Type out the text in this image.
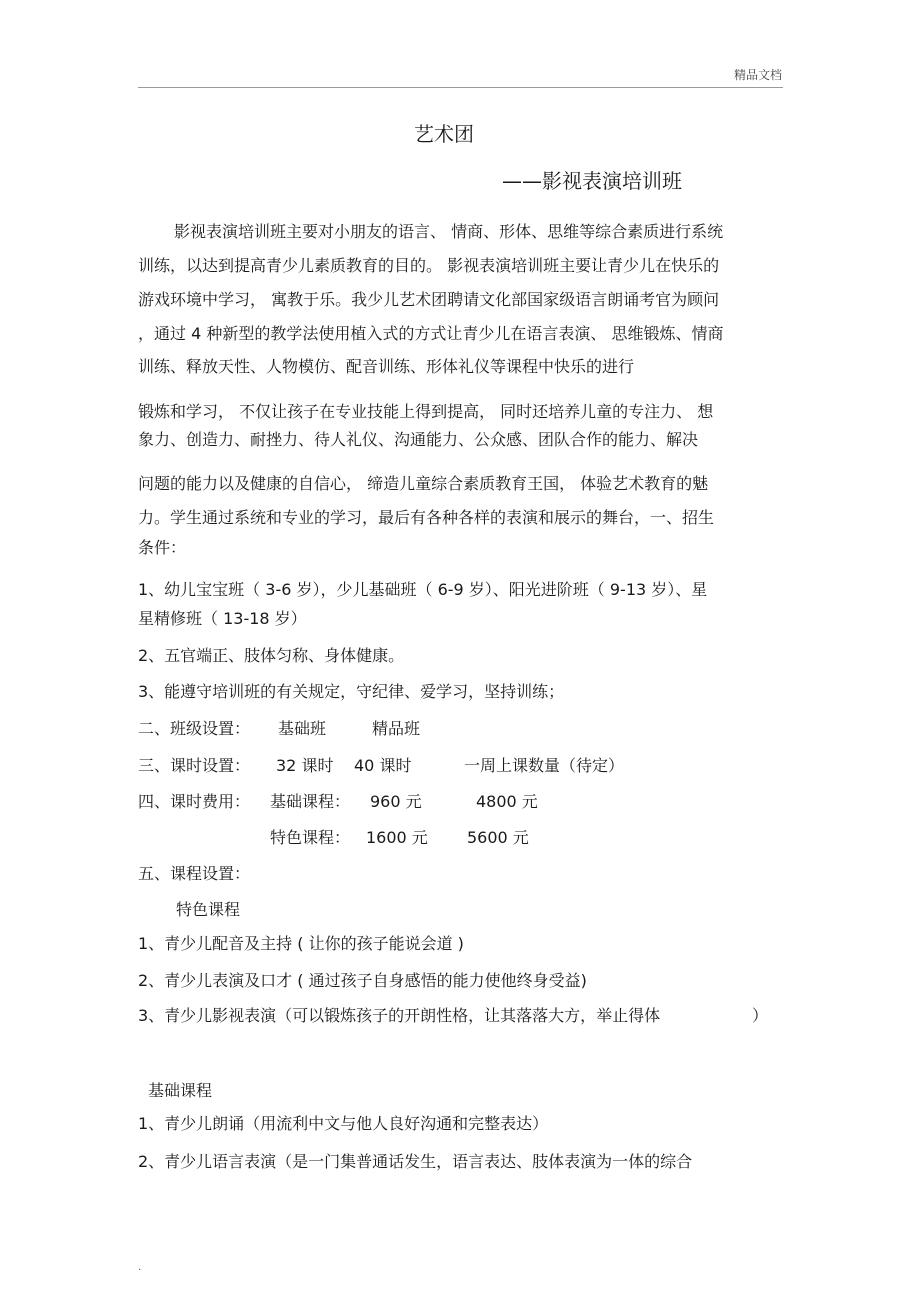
精品文档
艺术团
——影视表演培训班
影视表演培训班主要对小朋友的语言、 情商、形体、思维等综合素质进行系统
训练，以达到提高青少儿素质教育的目的。 影视表演培训班主要让青少儿在快乐的
游戏环境中学习， 寓教于乐。我少儿艺术团聘请文化部国家级语言朗诵考官为顾问
，通过 4 种新型的教学法使用植入式的方式让青少儿在语言表演、 思维锻炼、情商
训练、释放天性、人物模仿、配音训练、形体礼仪等课程中快乐的进行
锻炼和学习， 不仅让孩子在专业技能上得到提高， 同时还培养儿童的专注力、 想
象力、创造力、耐挫力、待人礼仪、沟通能力、公众感、团队合作的能力、解决
问题的能力以及健康的自信心， 缔造儿童综合素质教育王国， 体验艺术教育的魅
力。学生通过系统和专业的学习，最后有各种各样的表演和展示的舞台，一、招生
条件：
1、幼儿宝宝班（ 3-6 岁），少儿基础班（ 6-9 岁）、阳光进阶班（ 9-13 岁）、星
星精修班（ 13-18 岁）
2、五官端正、肢体匀称、身体健康。
3、能遵守培训班的有关规定，守纪律、爱学习，坚持训练；
二、班级设置： 基础班	精品班
三、课时设置： 32 课时 40 课时	一周上课数量（待定）
四、课时费用： 基础课程： 960 元	4800 元
特色课程： 1600 元 5600 元
五、课程设置：
特色课程
1、青少儿配音及主持 ( 让你的孩子能说会道 )
2、青少儿表演及口才 ( 通过孩子自身感悟的能力使他终身受益)
3、青少儿影视表演（可以锻炼孩子的开朗性格，让其落落大方，举止得体	）
基础课程
1、青少儿朗诵（用流利中文与他人良好沟通和完整表达）
2、青少儿语言表演（是一门集普通话发生，语言表达、肢体表演为一体的综合
.
